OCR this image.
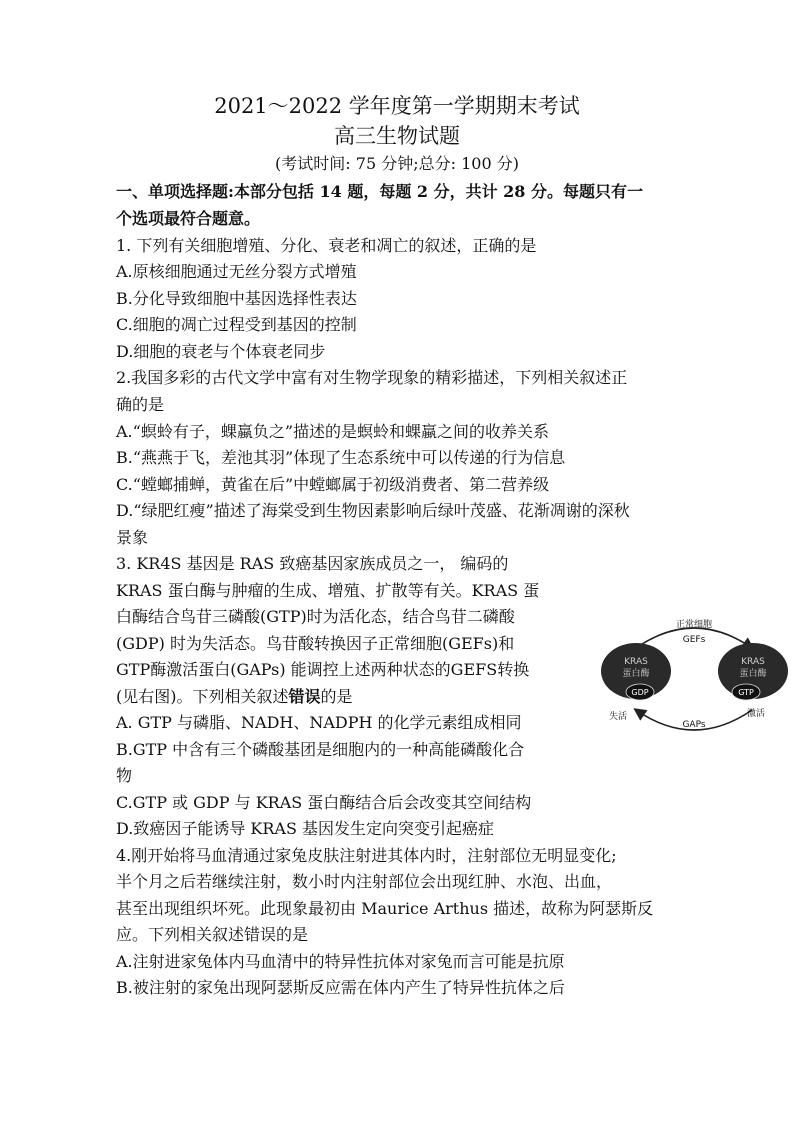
2021～2022 学年度第一学期期末考试
高三生物试题
(考试时间: 75 分钟;总分: 100 分)
一、单项选择题:本部分包括 14 题，每题 2 分，共计 28 分。每题只有一
个选项最符合题意。
1. 下列有关细胞增殖、分化、衰老和凋亡的叙述，正确的是
A.原核细胞通过无丝分裂方式增殖
B.分化导致细胞中基因选择性表达
C.细胞的凋亡过程受到基因的控制
D.细胞的衰老与个体衰老同步
2.我国多彩的古代文学中富有对生物学现象的精彩描述，下列相关叙述正
确的是
A.“螟蛉有子，蜾蠃负之”描述的是螟蛉和蜾蠃之间的收养关系
B.“燕燕于飞，差池其羽”体现了生态系统中可以传递的行为信息
C.“螳螂捕蝉，黄雀在后”中螳螂属于初级消费者、第二营养级
D.“绿肥红瘦”描述了海棠受到生物因素影响后绿叶茂盛、花渐凋谢的深秋
景象
3. KR4S 基因是 RAS 致癌基因家族成员之一， 编码的
KRAS 蛋白酶与肿瘤的生成、增殖、扩散等有关。KRAS 蛋
白酶结合鸟苷三磷酸(GTP)时为活化态，结合鸟苷二磷酸
(GDP) 时为失活态。鸟苷酸转换因子正常细胞(GEFs)和
GTP酶激活蛋白(GAPs) 能调控上述两种状态的GEFS转换
(见右图)。下列相关叙述错误的是
A. GTP 与磷脂、NADH、NADPH 的化学元素组成相同
B.GTP 中含有三个磷酸基团是细胞内的一种高能磷酸化合
物
C.GTP 或 GDP 与 KRAS 蛋白酶结合后会改变其空间结构
D.致癌因子能诱导 KRAS 基因发生定向突变引起癌症
KRAS
蛋白酶
GDP
KRAS
蛋白酶
GTP
正常细胞
GEFs
GAPs
失活	激活
4.刚开始将马血清通过家兔皮肤注射进其体内时，注射部位无明显变化;
半个月之后若继续注射，数小时内注射部位会出现红肿、水泡、出血，
甚至出现组织坏死。此现象最初由 Maurice Arthus 描述，故称为阿瑟斯反
应。下列相关叙述错误的是
A.注射进家兔体内马血清中的特异性抗体对家兔而言可能是抗原
B.被注射的家兔出现阿瑟斯反应需在体内产生了特异性抗体之后
